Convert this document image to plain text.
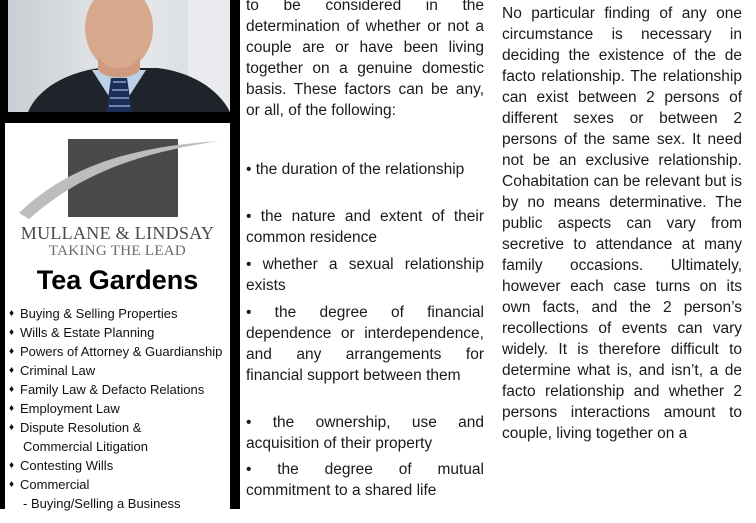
MULLANE & LINDSAY
TAKING THE LEAD
Tea Gardens
♦ Buying & Selling Properties
♦ Wills & Estate Planning
♦ Powers of Attorney & Guardianship
♦ Criminal Law
♦ Family Law & Defacto Relations
♦ Employment Law
♦ Dispute Resolution &
Commercial Litigation
♦ Contesting Wills
♦ Commercial
- Buying/Selling a Business

to be considered in the determination of whether or not a couple are or have been living together on a genuine domestic basis. These factors can be any, or all, of the following:

• the duration of the relationship

• the nature and extent of their common residence

• whether a sexual relationship exists

• the degree of financial dependence or interdependence, and any arrangements for financial support between them

• the ownership, use and acquisition of their property

• the degree of mutual commitment to a shared life

No particular finding of any one circumstance is necessary in deciding the existence of the de facto relationship. The relationship can exist between 2 persons of different sexes or between 2 persons of the same sex. It need not be an exclusive relationship. Cohabitation can be relevant but is by no means determinative. The public aspects can vary from secretive to attendance at many family occasions. Ultimately, however each case turns on its own facts, and the 2 person’s recollections of events can vary widely. It is therefore difficult to determine what is, and isn’t, a de facto relationship and whether 2 persons interactions amount to couple, living together on a
